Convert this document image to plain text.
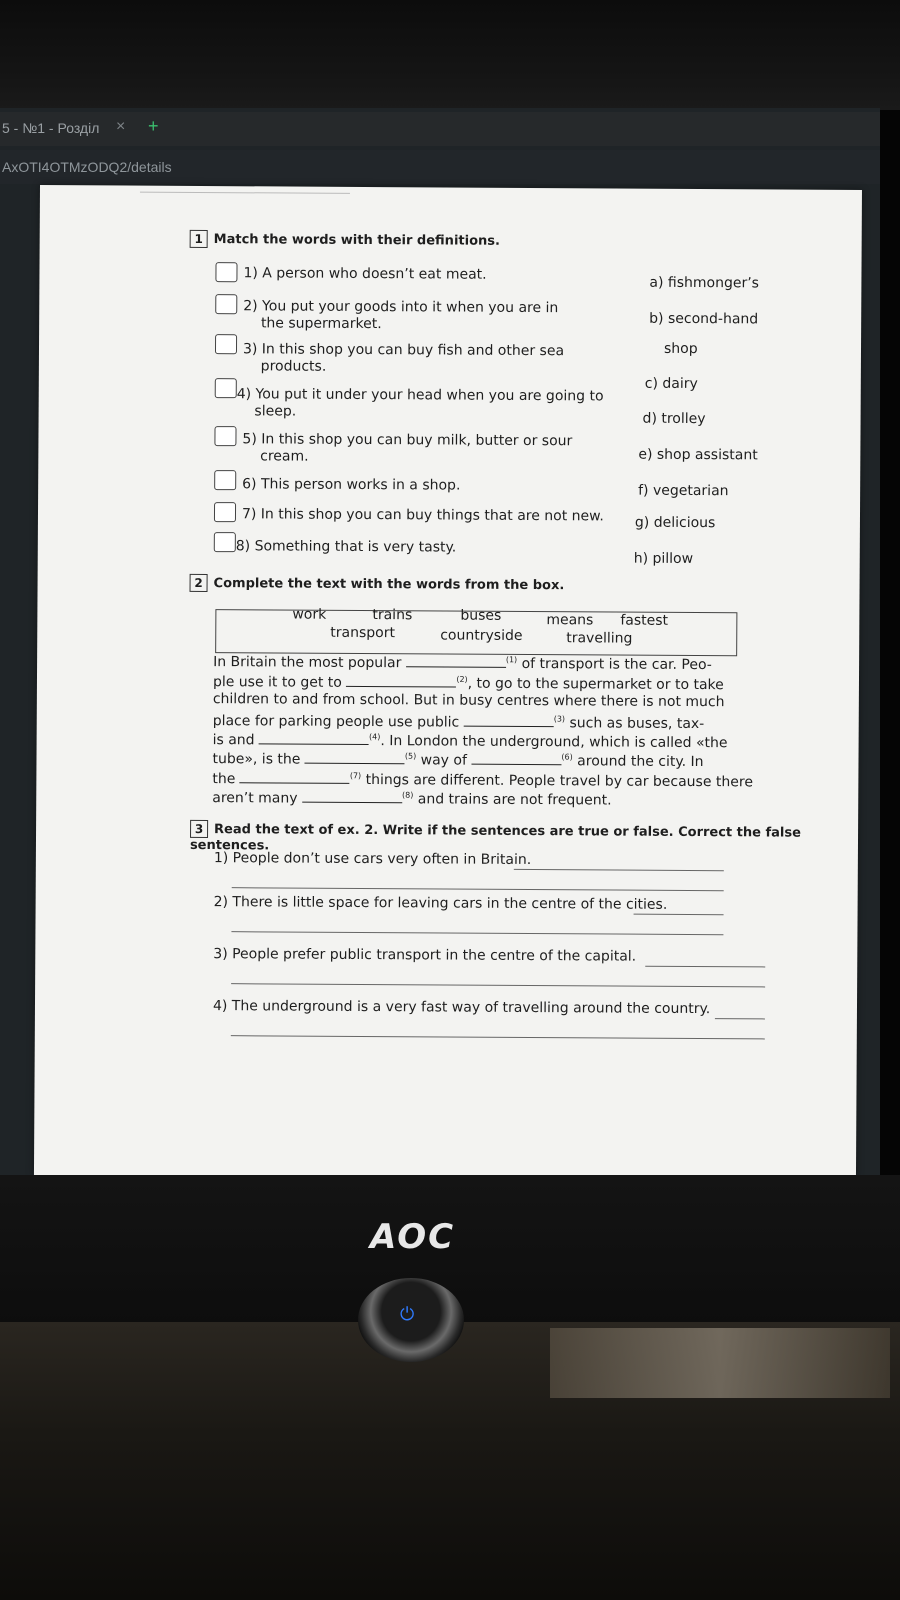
5 - №1 - Розділ × +
AxOTI4OTMzODQ2/details
1 Match the words with their definitions.
1) A person who doesn’t eat meat.
2) You put your goods into it when you are in
the supermarket.
3) In this shop you can buy fish and other sea
products.
4) You put it under your head when you are going to
sleep.
5) In this shop you can buy milk, butter or sour
cream.
6) This person works in a shop.
7) In this shop you can buy things that are not new.
8) Something that is very tasty.
a) fishmonger’s
b) second-hand
shop
c) dairy
d) trolley
e) shop assistant
f) vegetarian
g) delicious
h) pillow
2 Complete the text with the words from the box.
work	trains	buses	means fastest
transport	countryside	travelling
In Britain the most popular	$^{(1)}$ of transport is the car. Peo-
ple use it to get to	$^{(2)}$, to go to the supermarket or to take
children to and from school. But in busy centres where there is not much
place for parking people use public	$^{(3)}$ such as buses, tax-
is and	$^{(4)}$. In London the underground, which is called «the
tube», is the	$^{(5)}$ way of	$^{(6)}$ around the city. In
the	$^{(7)}$ things are different. People travel by car because there
aren’t many	$^{(8)}$ and trains are not frequent.
3 Read the text of ex. 2. Write if the sentences are true or false. Correct the false sentences.
1) People don’t use cars very often in Britain.
2) There is little space for leaving cars in the centre of the cities.
3) People prefer public transport in the centre of the capital.
4) The underground is a very fast way of travelling around the country.
AOC
⏻
